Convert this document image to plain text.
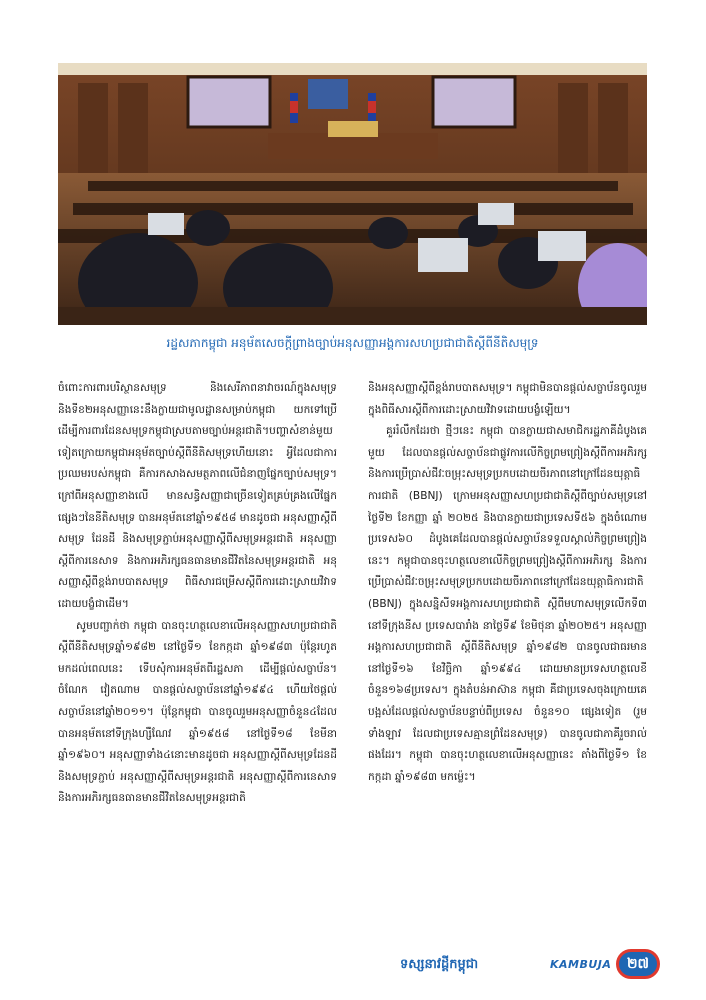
រដ្ឋសភាកម្ពុជា អនុម័តសេចក្ដីព្រាងច្បាប់អនុសញ្ញាអង្គការសហប្រជាជាតិស្ដីពីនីតិសមុទ្រ

ចំពោះការពារបរិស្ថានសមុទ្រ និងសេរីភាពនាវាចរណ៍ក្នុងសមុទ្រនិងទីខ២អនុសញ្ញានេះនឹងក្លាយជាមូលដ្ឋានសម្រាប់កម្ពុជា យកទៅប្រើដើម្បីការពារដែនសមុទ្រកម្ពុជាស្របតាមច្បាប់អន្តរជាតិ។បញ្ហាសំខាន់មួយទៀតក្រោយកម្ពុជាអនុម័តច្បាប់ស្ដីពីនីតិសមុទ្រហើយនោះ អ្វីដែលជាការប្រឈមរបស់កម្ពុជា គឺការកសាងសមត្ថភាពលើជំនាញផ្នែកច្បាប់សមុទ្រ។ ក្រៅពីអនុសញ្ញាខាងលើ មានសន្ធិសញ្ញាជាច្រើនទៀតគ្រប់គ្រងលើផ្នែកផ្សេងៗនៃនីតិសមុទ្រ បានអនុម័តនៅឆ្នាំ១៩៥៨ មានដូចជា អនុសញ្ញាស្ដីពីសមុទ្រ ដែនដី និងសមុទ្រភ្ជាប់អនុសញ្ញាស្ដីពីសមុទ្រអន្តរជាតិ អនុសញ្ញាស្ដីពីការនេសាទ និងការអភិរក្សធនធានមានជីវិតនៃសមុទ្រអន្តរជាតិ អនុសញ្ញាស្ដីពីខ្ពង់រាបបាតសមុទ្រ ពិធីសារជម្រើសស្ដីពីការដោះស្រាយវិវាទដោយបង្ខំជាដើម។

សូមបញ្ជាក់ថា កម្ពុជា បានចុះហត្ថលេខាលើអនុសញ្ញាសហប្រជាជាតិ ស្ដីពីនីតិសមុទ្រឆ្នាំ១៩៨២ នៅថ្ងៃទី១ ខែកក្កដា ឆ្នាំ១៩៨៣ ប៉ុន្តែរហូតមកដល់ពេលនេះ ទើបសុំការអនុម័តពីរដ្ឋសភា ដើម្បីផ្ដល់សច្ចាប័ន។ ចំណែក វៀតណាម បានផ្ដល់សច្ចាប័ននៅឆ្នាំ១៩៩៤ ហើយថៃផ្ដល់សច្ចាប័ននៅឆ្នាំ២០១១។ ប៉ុន្តែកម្ពុជា បានចូលរួមអនុសញ្ញាចំនួន៤ដែលបានអនុម័តនៅទីក្រុងហ្សឺណែវ ឆ្នាំ១៩៥៨ នៅថ្ងៃទី១៨ ខែមីនា ឆ្នាំ១៩៦០។ អនុសញ្ញាទាំង៤នោះមានដូចជា អនុសញ្ញាស្ដីពីសមុទ្រដែនដី និងសមុទ្រភ្ជាប់ អនុសញ្ញាស្ដីពីសមុទ្រអន្តរជាតិ អនុសញ្ញាស្ដីពីការនេសាទ និងការអភិរក្សធនធានមានជីវិតនៃសមុទ្រអន្តរជាតិ

និងអនុសញ្ញាស្ដីពីខ្ពង់រាបបាតសមុទ្រ។ កម្ពុជាមិនបានផ្ដល់សច្ចាប័នចូលរួមក្នុងពិធីសារស្ដីពីការដោះស្រាយវិវាទដោយបង្ខំឡើយ។

គួររំលឹកដែរថា ថ្មីៗនេះ កម្ពុជា បានក្លាយជាសមាជិករដ្ឋភាគីដំបូងគេមួយ ដែលបានផ្ដល់សច្ចាប័នជាផ្លូវការលើកិច្ចព្រមព្រៀងស្ដីពីការអភិរក្ស និងការប្រើប្រាស់ជីវៈចម្រុះសមុទ្រប្រកបដោយចីរភាពនៅក្រៅដែនយុត្តាធិការជាតិ (BBNJ) ក្រោមអនុសញ្ញាសហប្រជាជាតិស្ដីពីច្បាប់សមុទ្រនៅថ្ងៃទី២ ខែកញ្ញា ឆ្នាំ ២០២៥ និងបានក្លាយជាប្រទេសទី៥៦ ក្នុងចំណោមប្រទេស៦០ ដំបូងគេដែលបានផ្ដល់សច្ចាប័នទទួលស្គាល់កិច្ចព្រមព្រៀងនេះ។ កម្ពុជាបានចុះហត្ថលេខាលើកិច្ចព្រមព្រៀងស្ដីពីការអភិរក្ស និងការប្រើប្រាស់ជីវៈចម្រុះសមុទ្រប្រកបដោយចីរភាពនៅក្រៅដែនយុត្តាធិការជាតិ (BBNJ) ក្នុងសន្និសីទអង្គការសហប្រជាជាតិ ស្ដីពីមហាសមុទ្រលើកទី៣ នៅទីក្រុងនីស ប្រទេសបារាំង នាថ្ងៃទី៩ ខែមិថុនា ឆ្នាំ២០២៥។ អនុសញ្ញាអង្គការសហប្រជាជាតិ ស្ដីពីនីតិសមុទ្រ ឆ្នាំ១៩៨២ បានចូលជាធរមាន នៅថ្ងៃទី១៦ ខែវិច្ឆិកា ឆ្នាំ១៩៩៤ ដោយមានប្រទេសហត្ថលេខី ចំនួន១៦៨ប្រទេស។ ក្នុងតំបន់អាស៊ាន កម្ពុជា គឺជាប្រទេសចុងក្រោយគេបង្អស់ដែលផ្ដល់សច្ចាប័នបន្ទាប់ពីប្រទេស ចំនួន១០ ផ្សេងទៀត (រួមទាំងឡាវ ដែលជាប្រទេសគ្មានព្រំដែនសមុទ្រ) បានចូលជាភាគីរួចរាល់ផងដែរ។ កម្ពុជា បានចុះហត្ថលេខាលើអនុសញ្ញានេះ តាំងពីថ្ងៃទី១ ខែកក្កដា ឆ្នាំ១៩៨៣ មកម្ល៉េះ។

ទស្សនាវដ្ដីកម្ពុជា	KAMBUJA	២៧
